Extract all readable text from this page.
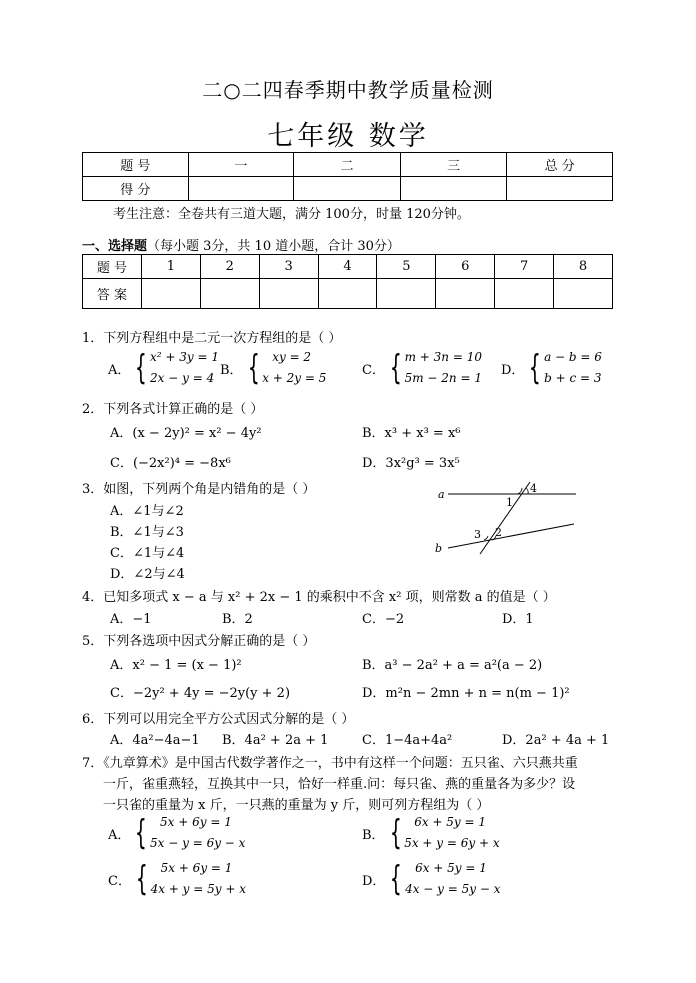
二○二四春季期中教学质量检测
七年级 数学
题 号	一	二	三	总 分
得 分				
考生注意：全卷共有三道大题，满分 100分，时量 120分钟。
一、选择题（每小题 3分，共 10 道小题，合计 30分）
题 号	1	2	3	4	5	6	7	8
答 案								
1．下列方程组中是二元一次方程组的是（ ）
A． { x² + 3y = 1
2x − y = 4
B． {	xy = 2
x + 2y = 5
C． { m + 3n = 10
5m − 2n = 1
D． { a − b = 6
b + c = 3
2．下列各式计算正确的是（ ）
A．(x − 2y)² = x² − 4y²	B．x³ + x³ = x⁶
C．(−2x²)⁴ = −8x⁶	D．3x²g³ = 3x⁵
3．如图，下列两个角是内错角的是（ ）
A．∠1与∠2
B．∠1与∠3
C．∠1与∠4
D．∠2与∠4
a
b
1
4
3 2
4．已知多项式 x − a 与 x² + 2x − 1 的乘积中不含 x² 项，则常数 a 的值是（ ）
A．−1	B．2	C．−2	D．1
5．下列各选项中因式分解正确的是（ ）
A．x² − 1 = (x − 1)²	B．a³ − 2a² + a = a²(a − 2)
C．−2y² + 4y = −2y(y + 2)	D．m²n − 2mn + n = n(m − 1)²
6．下列可以用完全平方公式因式分解的是（ ）
A．4a²−4a−1 B．4a² + 2a + 1	C．1−4a+4a²	D．2a² + 4a + 1
7．《九章算术》是中国古代数学著作之一，书中有这样一个问题：五只雀、六只燕共重
一斤，雀重燕轻，互换其中一只，恰好一样重.问：每只雀、燕的重量各为多少？设
一只雀的重量为 x 斤，一只燕的重量为 y 斤，则可列方程组为（ ）
A． {	5x + 6y = 1
5x − y = 6y − x
B． {	6x + 5y = 1
5x + y = 6y + x
C． {	5x + 6y = 1
4x + y = 5y + x
D． {	6x + 5y = 1
4x − y = 5y − x
